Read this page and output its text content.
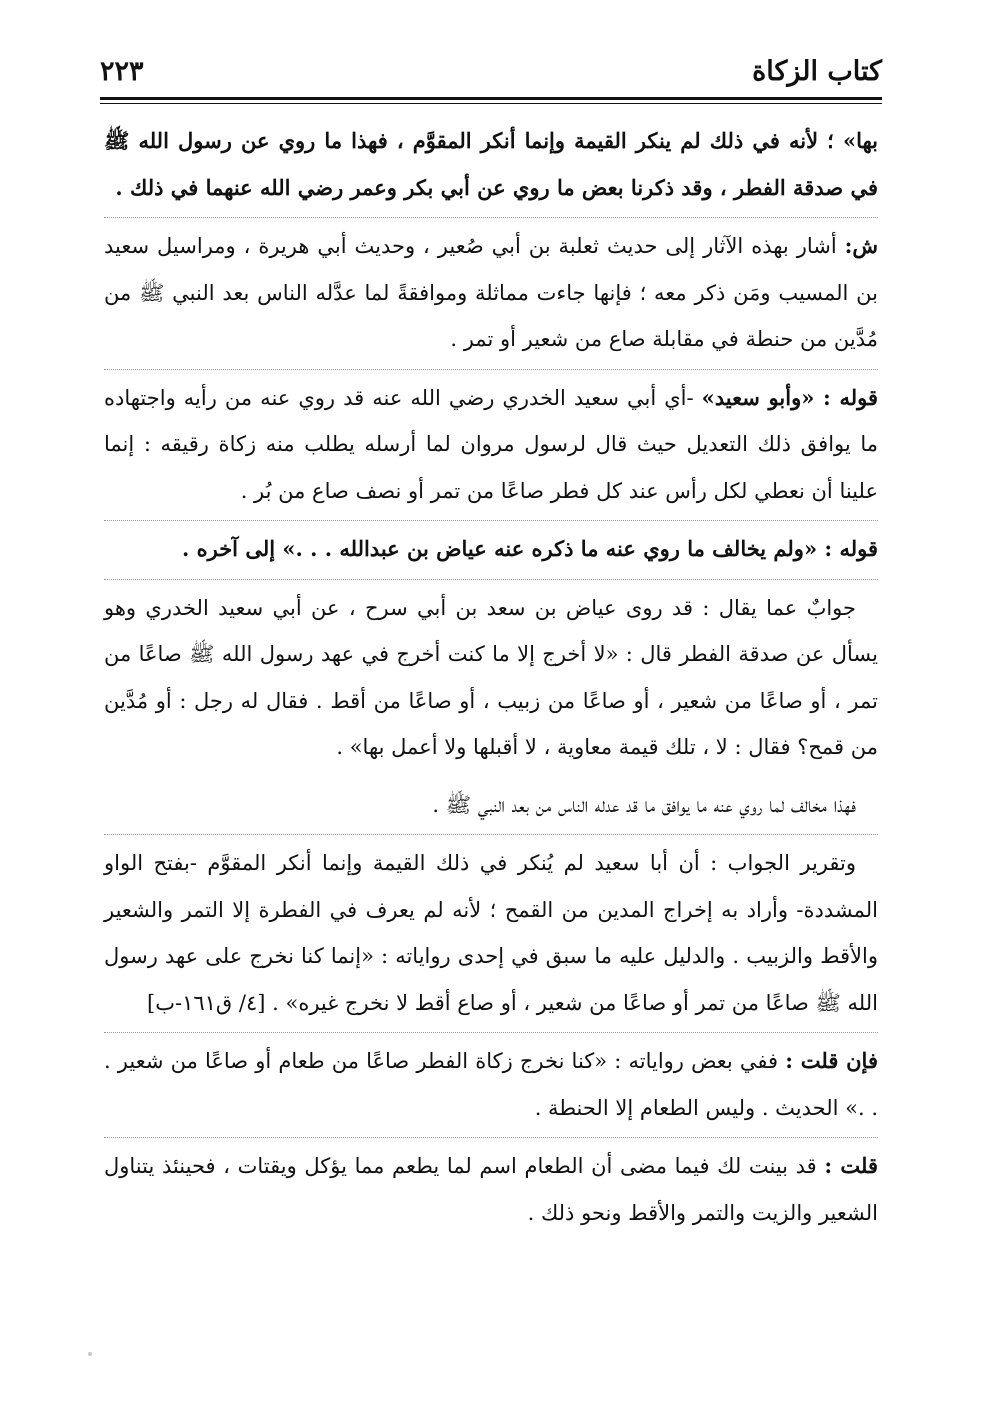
كتاب الزكاة
٢٢٣

بها» ؛ لأنه في ذلك لم ينكر القيمة وإنما أنكر المقوَّم ، فهذا ما روي عن رسول الله ﷺ في صدقة الفطر ، وقد ذكرنا بعض ما روي عن أبي بكر وعمر رضي الله عنهما في ذلك .

ش: أشار بهذه الآثار إلى حديث ثعلبة بن أبي صُعير ، وحديث أبي هريرة ، ومراسيل سعيد بن المسيب ومَن ذكر معه ؛ فإنها جاءت مماثلة وموافقةً لما عدَّله الناس بعد النبي ﷺ من مُدَّين من حنطة في مقابلة صاع من شعير أو تمر .

قوله : «وأبو سعيد» -أي أبي سعيد الخدري رضي الله عنه قد روي عنه من رأيه واجتهاده ما يوافق ذلك التعديل حيث قال لرسول مروان لما أرسله يطلب منه زكاة رقيقه : إنما علينا أن نعطي لكل رأس عند كل فطر صاعًا من تمر أو نصف صاع من بُر .

قوله : «ولم يخالف ما روي عنه ما ذكره عنه عياض بن عبدالله . . .» إلى آخره .

جوابٌ عما يقال : قد روى عياض بن سعد بن أبي سرح ، عن أبي سعيد الخدري وهو يسأل عن صدقة الفطر قال : «لا أخرج إلا ما كنت أخرج في عهد رسول الله ﷺ صاعًا من تمر ، أو صاعًا من شعير ، أو صاعًا من زبيب ، أو صاعًا من أقط . فقال له رجل : أو مُدَّين من قمح؟ فقال : لا ، تلك قيمة معاوية ، لا أقبلها ولا أعمل بها» .

فهذا مخالف لما روي عنه ما يوافق ما قد عدله الناس من بعد النبي ﷺ .

وتقرير الجواب : أن أبا سعيد لم يُنكر في ذلك القيمة وإنما أنكر المقوَّم -بفتح الواو المشددة- وأراد به إخراج المدين من القمح ؛ لأنه لم يعرف في الفطرة إلا التمر والشعير والأقط والزبيب . والدليل عليه ما سبق في إحدى رواياته : «إنما كنا نخرج على عهد رسول الله ﷺ صاعًا من تمر أو صاعًا من شعير ، أو صاع أقط لا نخرج غيره» . [٤/ ق١٦١-ب]

فإن قلت : ففي بعض رواياته : «كنا نخرج زكاة الفطر صاعًا من طعام أو صاعًا من شعير . . .» الحديث . وليس الطعام إلا الحنطة .

قلت : قد بينت لك فيما مضى أن الطعام اسم لما يطعم مما يؤكل ويقتات ، فحينئذ يتناول الشعير والزيت والتمر والأقط ونحو ذلك .
